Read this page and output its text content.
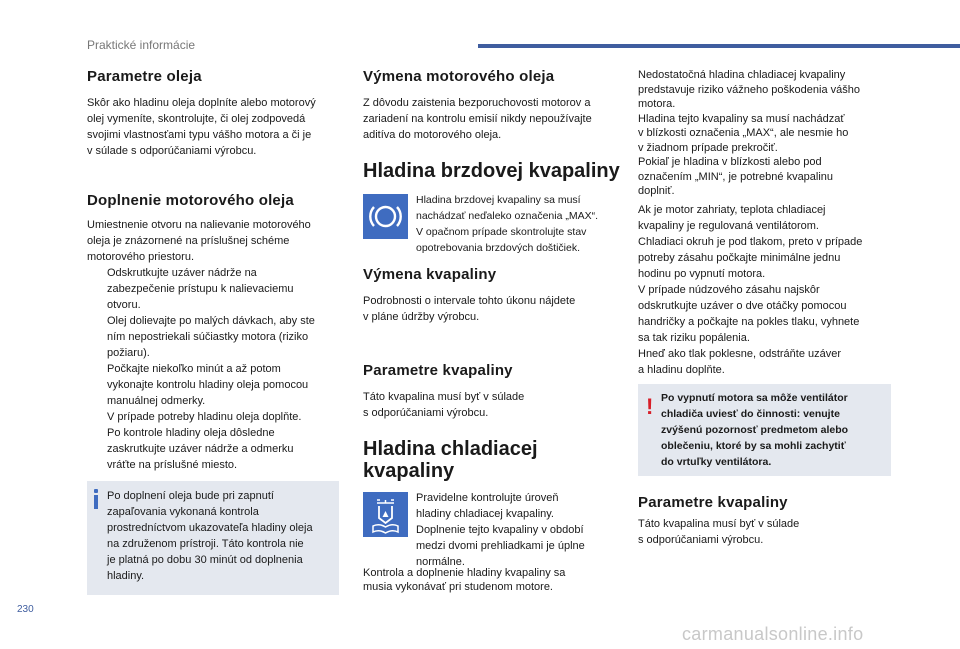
Praktické informácie
Parametre oleja
Skôr ako hladinu oleja doplníte alebo motorový
olej vymeníte, skontrolujte, či olej zodpovedá
svojimi vlastnosťami typu vášho motora a či je
v súlade s odporúčaniami výrobcu.
Doplnenie motorového oleja
Umiestnenie otvoru na nalievanie motorového
oleja je znázornené na príslušnej schéme
motorového priestoru.
Odskrutkujte uzáver nádrže na
zabezpečenie prístupu k nalievaciemu
otvoru.
Olej dolievajte po malých dávkach, aby ste
ním nepostriekali súčiastky motora (riziko
požiaru).
Počkajte niekoľko minút a až potom
vykonajte kontrolu hladiny oleja pomocou
manuálnej odmerky.
V prípade potreby hladinu oleja doplňte.
Po kontrole hladiny oleja dôsledne
zaskrutkujte uzáver nádrže a odmerku
vráťte na príslušné miesto.
Po doplnení oleja bude pri zapnutí
zapaľovania vykonaná kontrola
prostredníctvom ukazovateľa hladiny oleja
na združenom prístroji. Táto kontrola nie
je platná po dobu 30 minút od doplnenia
hladiny.
Výmena motorového oleja
Z dôvodu zaistenia bezporuchovosti motorov a
zariadení na kontrolu emisií nikdy nepoužívajte
aditíva do motorového oleja.
Hladina brzdovej kvapaliny
Hladina brzdovej kvapaliny sa musí
nachádzať neďaleko označenia „MAX“.
V opačnom prípade skontrolujte stav
opotrebovania brzdových doštičiek.
Výmena kvapaliny
Podrobnosti o intervale tohto úkonu nájdete
v pláne údržby výrobcu.
Parametre kvapaliny
Táto kvapalina musí byť v súlade
s odporúčaniami výrobcu.
Hladina chladiacej
kvapaliny
Pravidelne kontrolujte úroveň
hladiny chladiacej kvapaliny.
Doplnenie tejto kvapaliny v období
medzi dvomi prehliadkami je úplne
normálne.
Kontrola a doplnenie hladiny kvapaliny sa
musia vykonávať pri studenom motore.
Nedostatočná hladina chladiacej kvapaliny
predstavuje riziko vážneho poškodenia vášho
motora.
Hladina tejto kvapaliny sa musí nachádzať
v blízkosti označenia „MAX“, ale nesmie ho
v žiadnom prípade prekročiť.
Pokiaľ je hladina v blízkosti alebo pod
označením „MIN“, je potrebné kvapalinu
doplniť.
Ak je motor zahriaty, teplota chladiacej
kvapaliny je regulovaná ventilátorom.
Chladiaci okruh je pod tlakom, preto v prípade
potreby zásahu počkajte minimálne jednu
hodinu po vypnutí motora.
V prípade núdzového zásahu najskôr
odskrutkujte uzáver o dve otáčky pomocou
handričky a počkajte na pokles tlaku, vyhnete
sa tak riziku popálenia.
Hneď ako tlak poklesne, odstráňte uzáver
a hladinu doplňte.
! Po vypnutí motora sa môže ventilátor
chladiča uviesť do činnosti: venujte
zvýšenú pozornosť predmetom alebo
oblečeniu, ktoré by sa mohli zachytiť
do vrtuľky ventilátora.
Parametre kvapaliny
Táto kvapalina musí byť v súlade
s odporúčaniami výrobcu.
230
carmanualsonline.info
